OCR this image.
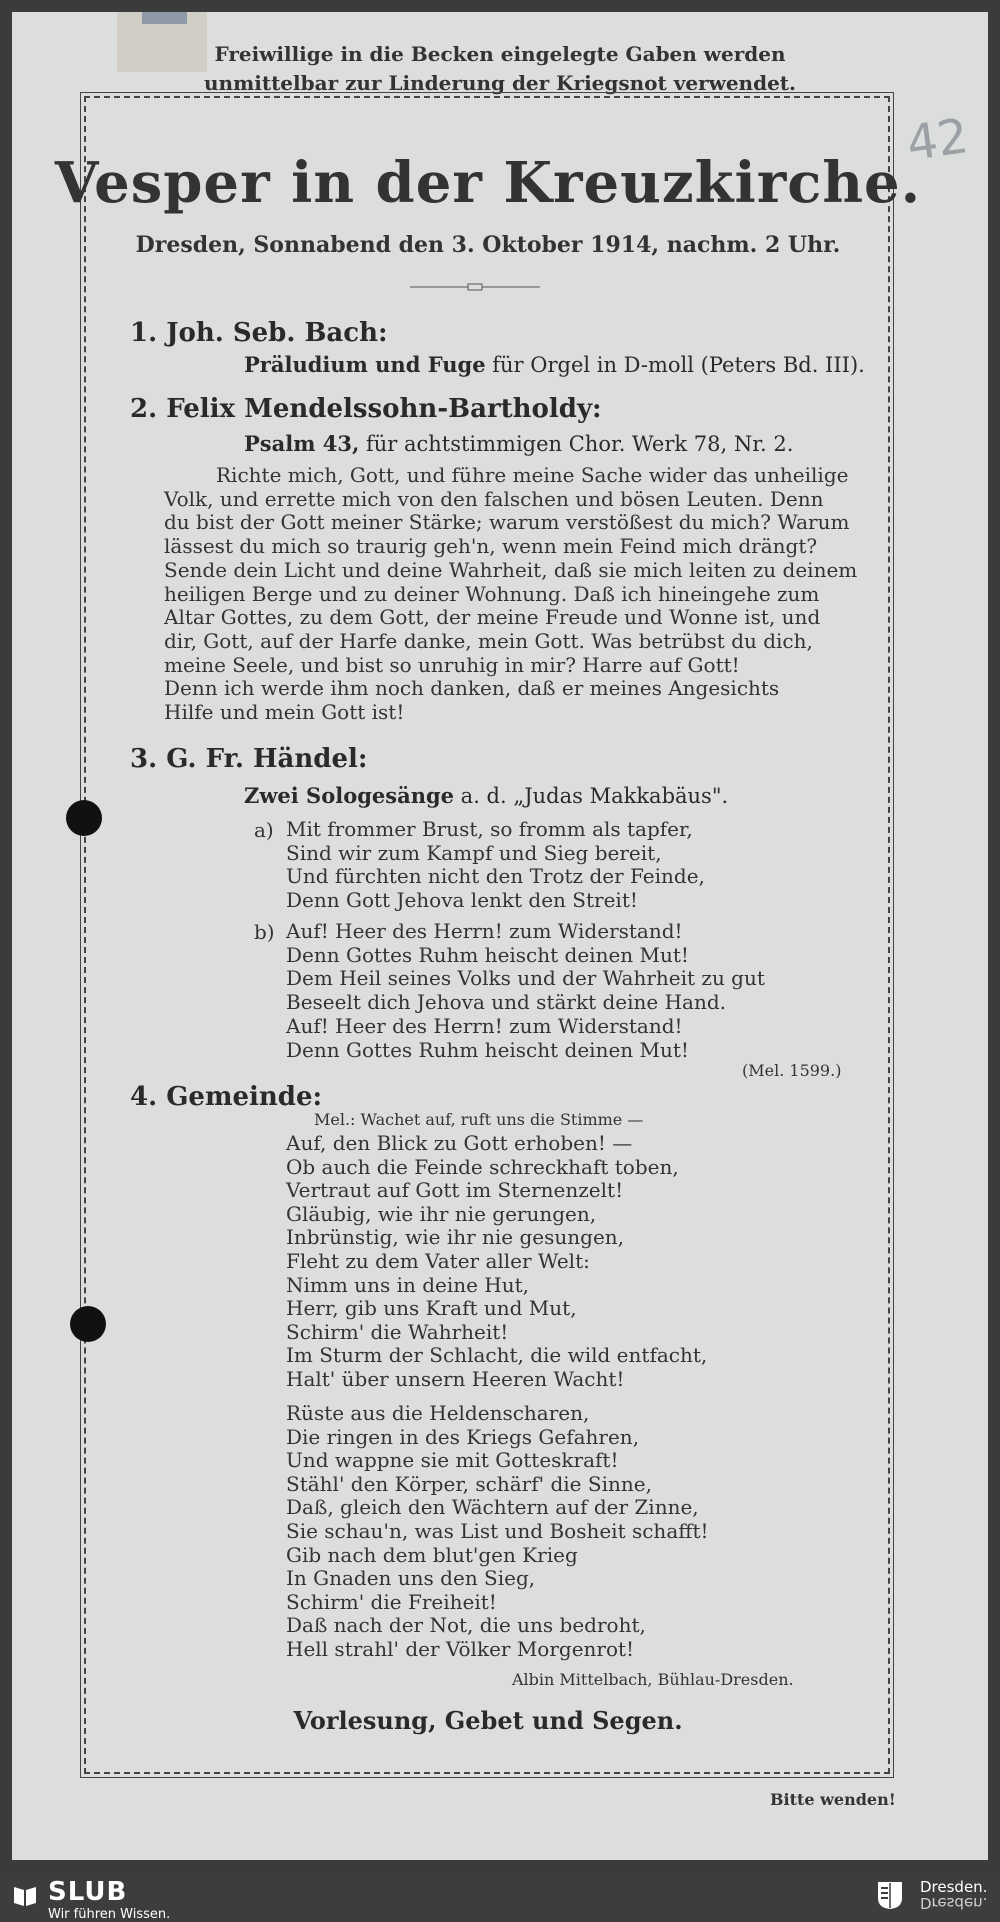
Freiwillige in die Becken eingelegte Gaben werden
unmittelbar zur Linderung der Kriegsnot verwendet.
42
Vesper in der Kreuzkirche.
Dresden, Sonnabend den 3. Oktober 1914, nachm. 2 Uhr.
1. Joh. Seb. Bach:
Präludium und Fuge für Orgel in D-moll (Peters Bd. III).
2. Felix Mendelssohn-Bartholdy:
Psalm 43, für achtstimmigen Chor. Werk 78, Nr. 2.
Richte mich, Gott, und führe meine Sache wider das unheilige
Volk, und errette mich von den falschen und bösen Leuten. Denn
du bist der Gott meiner Stärke; warum verstößest du mich? Warum
lässest du mich so traurig geh'n, wenn mein Feind mich drängt?
Sende dein Licht und deine Wahrheit, daß sie mich leiten zu deinem
heiligen Berge und zu deiner Wohnung. Daß ich hineingehe zum
Altar Gottes, zu dem Gott, der meine Freude und Wonne ist, und
dir, Gott, auf der Harfe danke, mein Gott. Was betrübst du dich,
meine Seele, und bist so unruhig in mir? Harre auf Gott!
Denn ich werde ihm noch danken, daß er meines Angesichts
Hilfe und mein Gott ist!
3. G. Fr. Händel:
Zwei Sologesänge a. d. „Judas Makkabäus".
a) Mit frommer Brust, so fromm als tapfer,
Sind wir zum Kampf und Sieg bereit,
Und fürchten nicht den Trotz der Feinde,
Denn Gott Jehova lenkt den Streit!
b) Auf! Heer des Herrn! zum Widerstand!
Denn Gottes Ruhm heischt deinen Mut!
Dem Heil seines Volks und der Wahrheit zu gut
Beseelt dich Jehova und stärkt deine Hand.
Auf! Heer des Herrn! zum Widerstand!
Denn Gottes Ruhm heischt deinen Mut!
(Mel. 1599.)
4. Gemeinde:
Mel.: Wachet auf, ruft uns die Stimme —
Auf, den Blick zu Gott erhoben! —
Ob auch die Feinde schreckhaft toben,
Vertraut auf Gott im Sternenzelt!
Gläubig, wie ihr nie gerungen,
Inbrünstig, wie ihr nie gesungen,
Fleht zu dem Vater aller Welt:
Nimm uns in deine Hut,
Herr, gib uns Kraft und Mut,
Schirm' die Wahrheit!
Im Sturm der Schlacht, die wild entfacht,
Halt' über unsern Heeren Wacht!
Rüste aus die Heldenscharen,
Die ringen in des Kriegs Gefahren,
Und wappne sie mit Gotteskraft!
Stähl' den Körper, schärf' die Sinne,
Daß, gleich den Wächtern auf der Zinne,
Sie schau'n, was List und Bosheit schafft!
Gib nach dem blut'gen Krieg
In Gnaden uns den Sieg,
Schirm' die Freiheit!
Daß nach der Not, die uns bedroht,
Hell strahl' der Völker Morgenrot!
Albin Mittelbach, Bühlau-Dresden.
Vorlesung, Gebet und Segen.
Bitte wenden!
SLUB
Wir führen Wissen.
Dresden.
Dresden.
